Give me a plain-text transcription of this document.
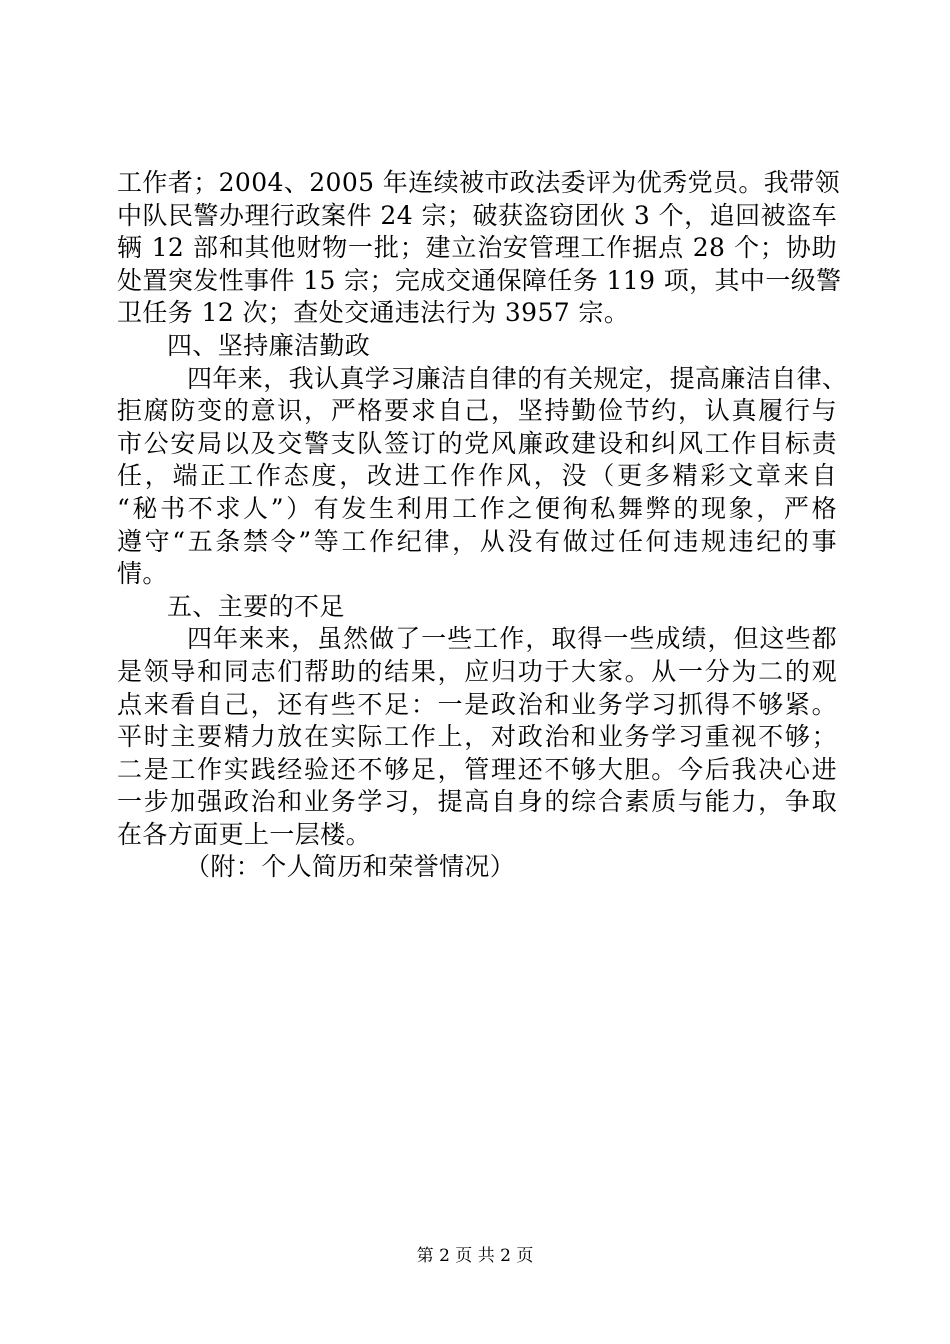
工作者；2004、2005 年连续被市政法委评为优秀党员。我带领
中队民警办理行政案件 24 宗；破获盗窃团伙 3 个，追回被盗车
辆 12 部和其他财物一批；建立治安管理工作据点 28 个；协助
处置突发性事件 15 宗；完成交通保障任务 119 项，其中一级警
卫任务 12 次；查处交通违法行为 3957 宗。
四、坚持廉洁勤政
四年来，我认真学习廉洁自律的有关规定，提高廉洁自律、
拒腐防变的意识，严格要求自己，坚持勤俭节约，认真履行与
市公安局以及交警支队签订的党风廉政建设和纠风工作目标责
任，端正工作态度，改进工作作风，没（更多精彩文章来自
“秘书不求人”）有发生利用工作之便徇私舞弊的现象，严格
遵守“五条禁令”等工作纪律，从没有做过任何违规违纪的事
情。
五、主要的不足
四年来来，虽然做了一些工作，取得一些成绩，但这些都
是领导和同志们帮助的结果，应归功于大家。从一分为二的观
点来看自己，还有些不足：一是政治和业务学习抓得不够紧。
平时主要精力放在实际工作上，对政治和业务学习重视不够；
二是工作实践经验还不够足，管理还不够大胆。今后我决心进
一步加强政治和业务学习，提高自身的综合素质与能力，争取
在各方面更上一层楼。
（附：个人简历和荣誉情况）
第 2 页 共 2 页
